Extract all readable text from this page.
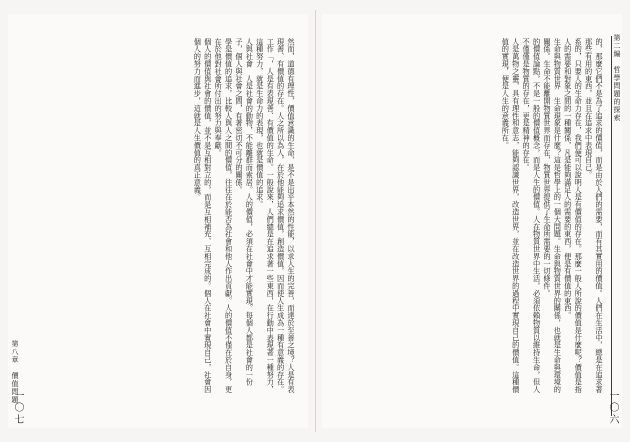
然而，道德有理性，價值意識的生命，是不是出乎本然的性能，以求人生的完善，而達於至善之境？人是有表現善、有價值的存在。人之所以為人，在於他能夠追求價值，創造價值，因而使人生成為一種有意義的存在。

工作「，人是有表現善、有價值的生命。一般說來，人們總是在追求著一些東西，在行動中表現著一種努力，這種努力，就是生命力的表現，也就是價值的追求。

人與社會　人是社會的動物，不能離群而索居。人的價值，必須在社會中才能實現。每個人都是社會的一份子，個人與社會之間，有著密切不可分的關係。

學是價值的追求，比較人與人之間的價值，往往在於能否為社會和他人作出貢獻。人的價值不僅在於自身，更在於他對社會所付出的努力與奉獻。

個人的價值與社會的價值，並不是互相對立的，而是互相補充、互相完成的。個人在社會中實現自己，社會因個人的努力而進步，這就是人生價值的真正意義。

第八章　價值問題
一〇七

的，那麼它們不是為了追求的價值，而是由於人們的需要，而有其實用的價值。人們在生活中，總是在追求著那些有用的東西，並且在追求中表現自己。

系的，只要人的生命力存在，我們便可以說明人是有價值的存在。那麼一般人所說的價值是什麼呢？價值是指人的需要和對象之間的一種關係，凡是能夠滿足人的需要的東西，便是有價值的東西。

生命與物質世界　生命現象是什麼？這是哲學上的一個大問題。生命與物質世界的關係，也就是生命與環境的關係。生命不能離開物質世界而存在，物質世界提供了生命所需要的一切條件。

的價值論點，不是一般的價值概念，而是人生的價值。人在物質世界中生活，必須依賴物質以維持生命，但人不僅僅是物質的存在，更是精神的存在。

人是萬物之靈，具有理性和意志，能夠認識世界，改造世界，並在改造世界的過程中實現自己的價值。這種價值的實現，便是人生的意義所在。	第二編　哲學問題的探索
一〇六
